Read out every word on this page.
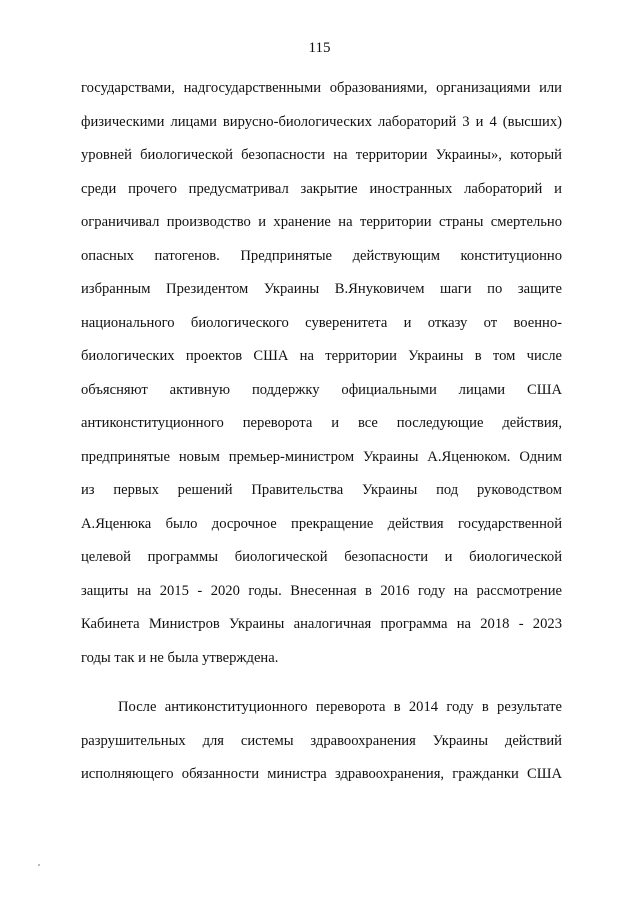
115
государствами, надгосударственными образованиями, организациями или
физическими лицами вирусно-биологических лабораторий 3 и 4 (высших)
уровней биологической безопасности на территории Украины», который
среди прочего предусматривал закрытие иностранных лабораторий и
ограничивал производство и хранение на территории страны смертельно
опасных патогенов. Предпринятые действующим конституционно
избранным Президентом Украины В.Януковичем шаги по защите
национального биологического суверенитета и отказу от военно-
биологических проектов США на территории Украины в том числе
объясняют активную поддержку официальными лицами США
антиконституционного переворота и все последующие действия,
предпринятые новым премьер-министром Украины А.Яценюком. Одним
из первых решений Правительства Украины под руководством
А.Яценюка было досрочное прекращение действия государственной
целевой программы биологической безопасности и биологической
защиты на 2015 - 2020 годы. Внесенная в 2016 году на рассмотрение
Кабинета Министров Украины аналогичная программа на 2018 - 2023
годы так и не была утверждена.
После антиконституционного переворота в 2014 году в результате
разрушительных для системы здравоохранения Украины действий
исполняющего обязанности министра здравоохранения, гражданки США
